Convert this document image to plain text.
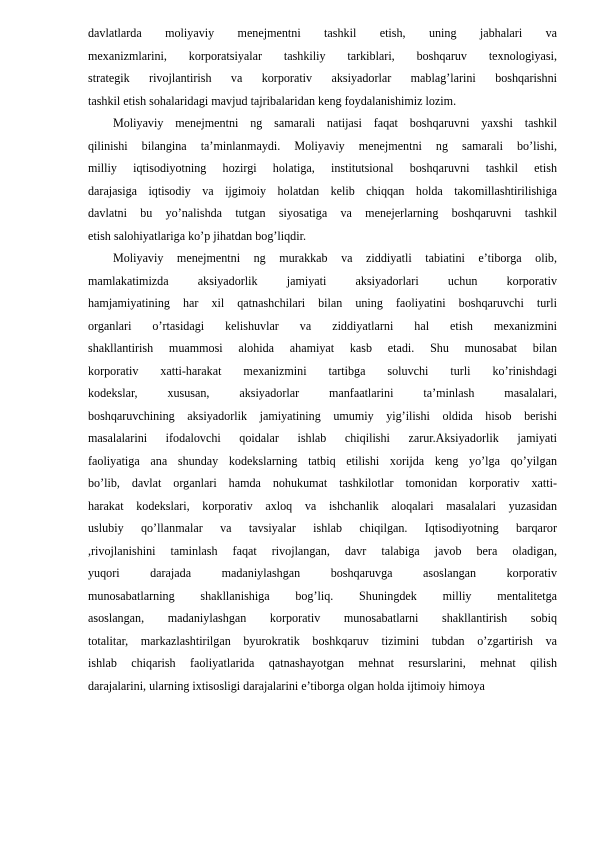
davlatlarda moliyaviy menejmentni tashkil etish, uning jabhalari va
mexanizmlarini, korporatsiyalar tashkiliy tarkiblari, boshqaruv texnologiyasi,
strategik rivojlantirish va korporativ aksiyadorlar mablag’larini boshqarishni
tashkil etish sohalaridagi mavjud tajribalaridan keng foydalanishimiz lozim.
Moliyaviy menejmentni ng samarali natijasi faqat boshqaruvni yaxshi tashkil
qilinishi bilangina ta’minlanmaydi. Moliyaviy menejmentni ng samarali bo’lishi,
milliy iqtisodiyotning hozirgi holatiga, institutsional boshqaruvni tashkil etish
darajasiga iqtisodiy va ijgimoiy holatdan kelib chiqqan holda takomillashtirilishiga
davlatni bu yo’nalishda tutgan siyosatiga va menejerlarning boshqaruvni tashkil
etish salohiyatlariga ko’p jihatdan bog’liqdir.
Moliyaviy menejmentni ng murakkab va ziddiyatli tabiatini e’tiborga olib,
mamlakatimizda aksiyadorlik jamiyati aksiyadorlari uchun korporativ
hamjamiyatining har xil qatnashchilari bilan uning faoliyatini boshqaruvchi turli
organlari o’rtasidagi kelishuvlar va ziddiyatlarni hal etish mexanizmini
shakllantirish muammosi alohida ahamiyat kasb etadi. Shu munosabat bilan
korporativ xatti-harakat mexanizmini tartibga soluvchi turli ko’rinishdagi
kodekslar, xususan, aksiyadorlar manfaatlarini ta’minlash masalalari,
boshqaruvchining aksiyadorlik jamiyatining umumiy yig’ilishi oldida hisob berishi
masalalarini ifodalovchi qoidalar ishlab chiqilishi zarur.Aksiyadorlik jamiyati
faoliyatiga ana shunday kodekslarning tatbiq etilishi xorijda keng yo’lga qo’yilgan
bo’lib, davlat organlari hamda nohukumat tashkilotlar tomonidan korporativ xatti-
harakat kodekslari, korporativ axloq va ishchanlik aloqalari masalalari yuzasidan
uslubiy qo’llanmalar va tavsiyalar ishlab chiqilgan. Iqtisodiyotning barqaror
,rivojlanishini taminlash faqat rivojlangan, davr talabiga javob bera oladigan,
yuqori darajada madaniylashgan boshqaruvga asoslangan korporativ
munosabatlarning shakllanishiga bog’liq. Shuningdek milliy mentalitetga
asoslangan, madaniylashgan korporativ munosabatlarni shakllantirish sobiq
totalitar, markazlashtirilgan byurokratik boshkqaruv tizimini tubdan o’zgartirish va
ishlab chiqarish faoliyatlarida qatnashayotgan mehnat resurslarini, mehnat qilish
darajalarini, ularning ixtisosligi darajalarini e’tiborga olgan holda ijtimoiy himoya
